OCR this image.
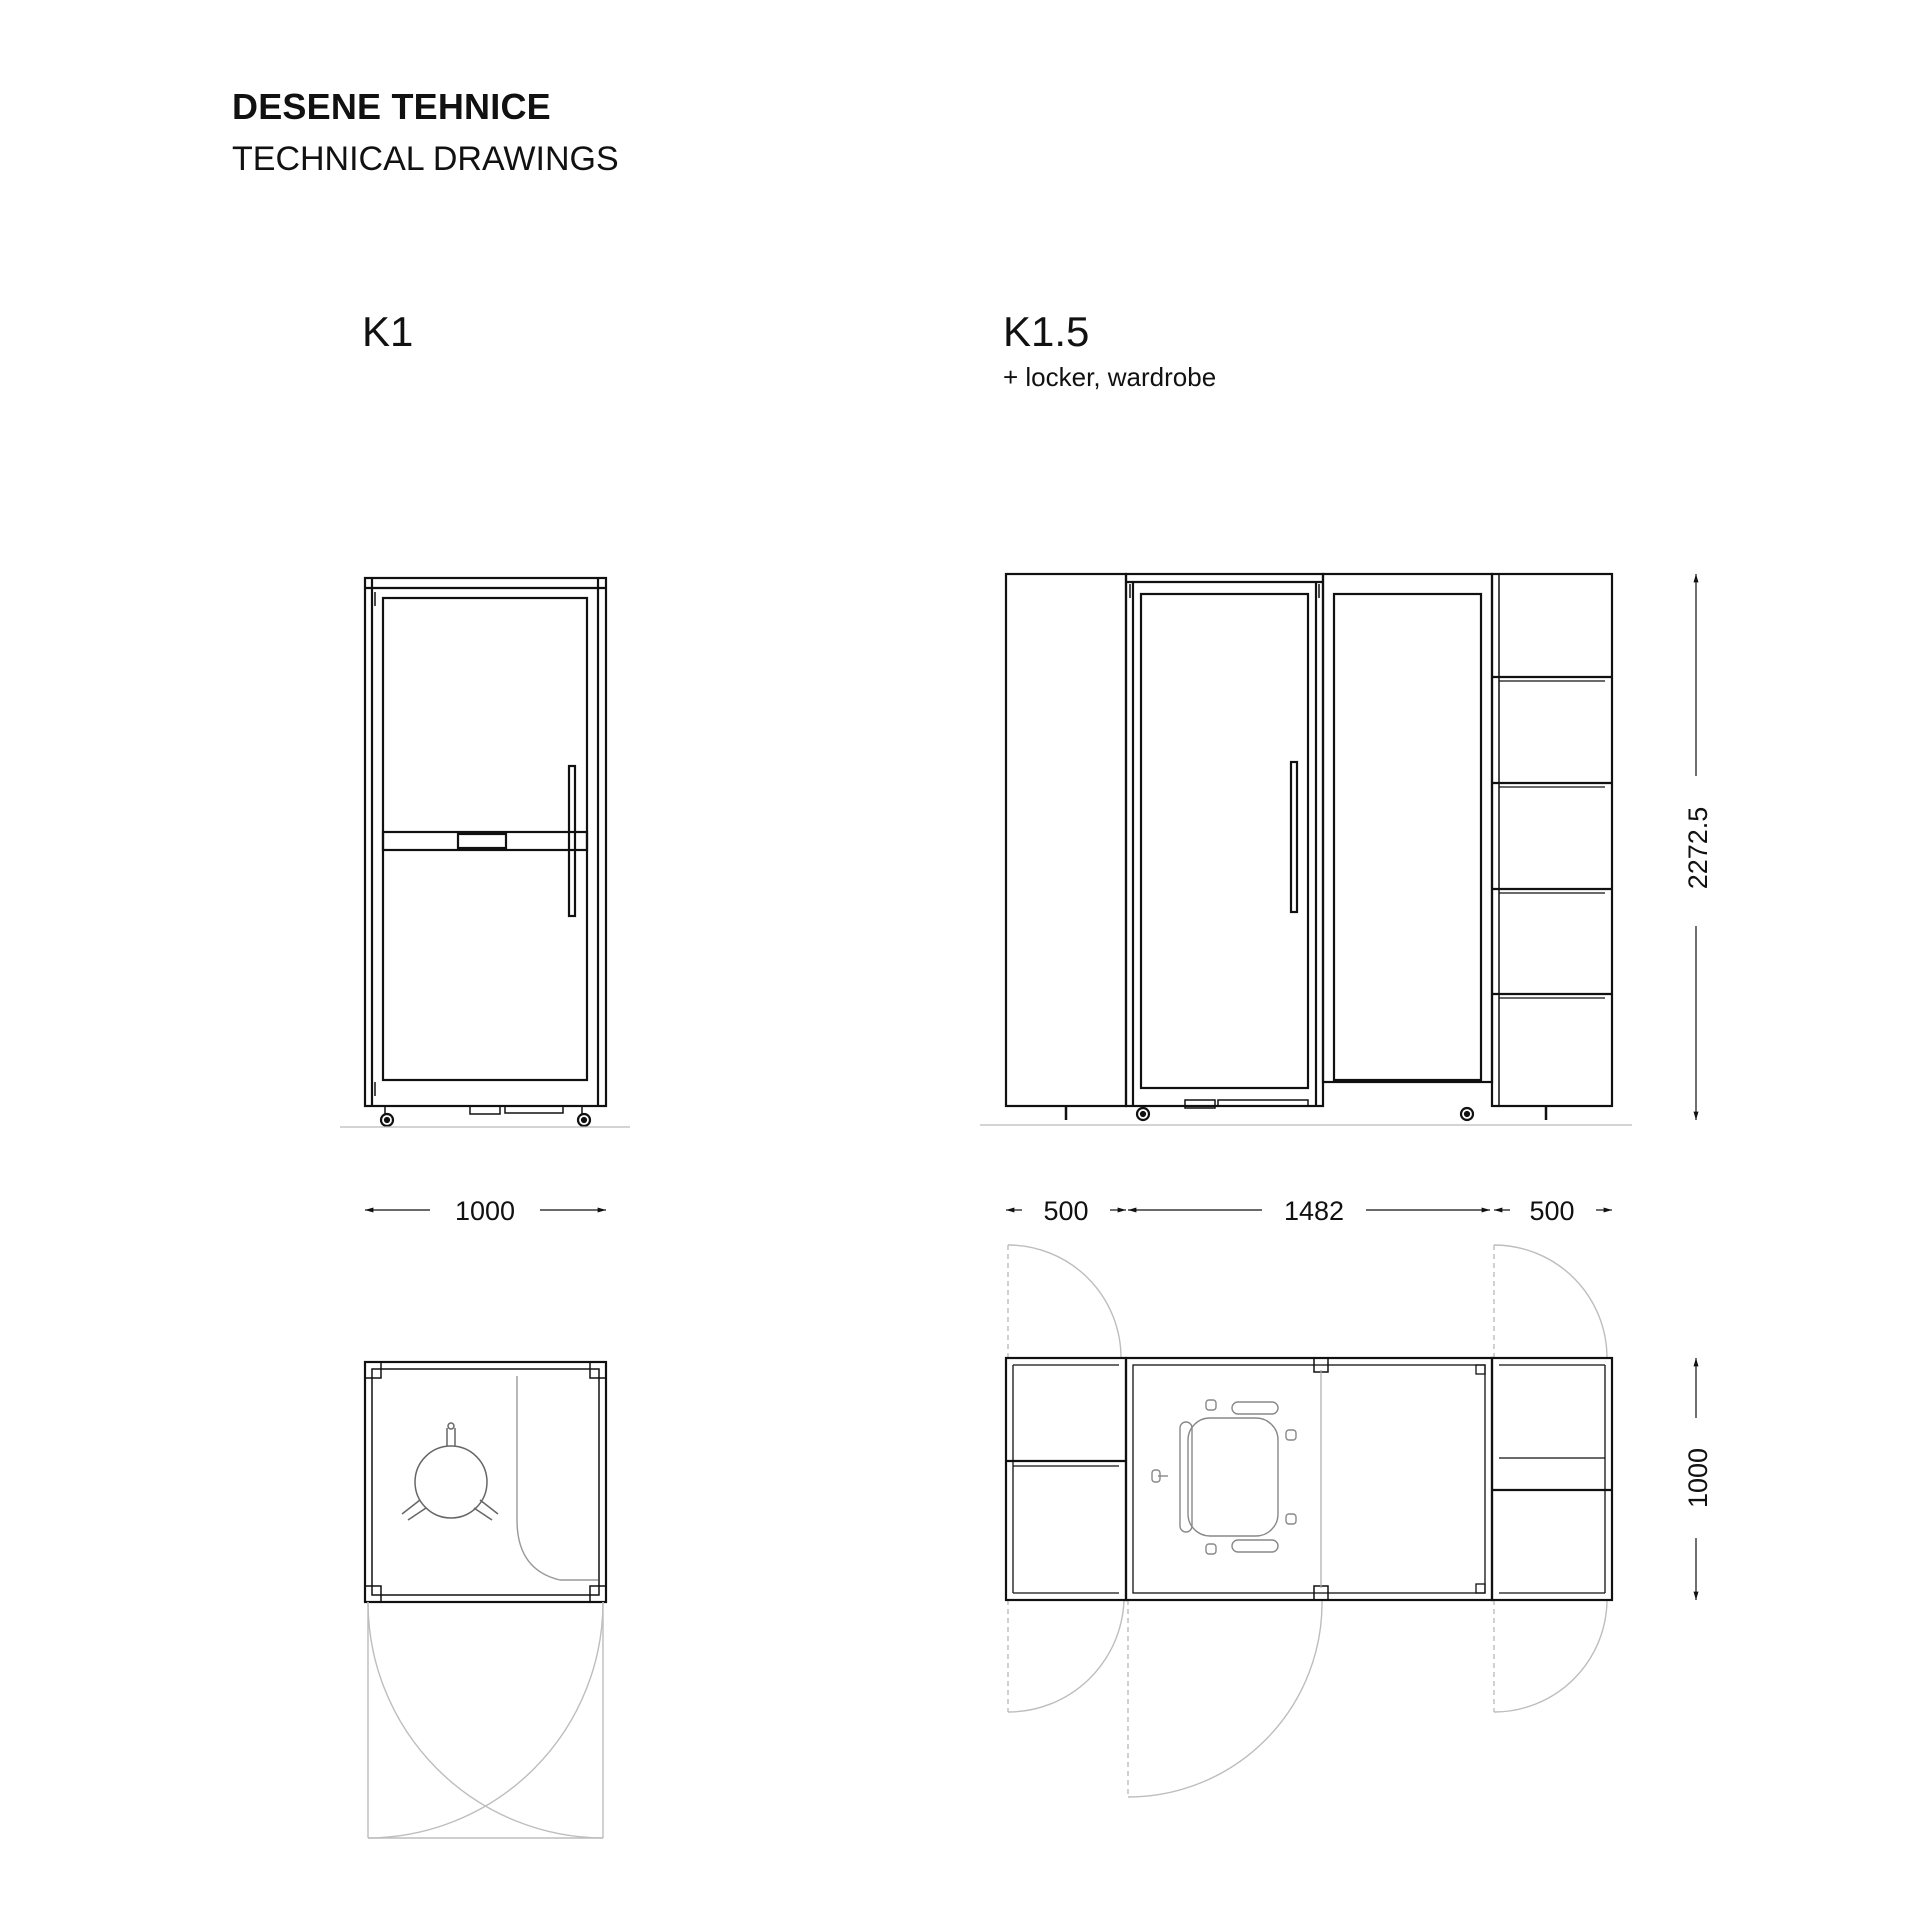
DESENE TEHNICE
TECHNICAL DRAWINGS
K1	K1.5
+ locker, wardrobe
1000
2272.5
500	1482	500
1000
